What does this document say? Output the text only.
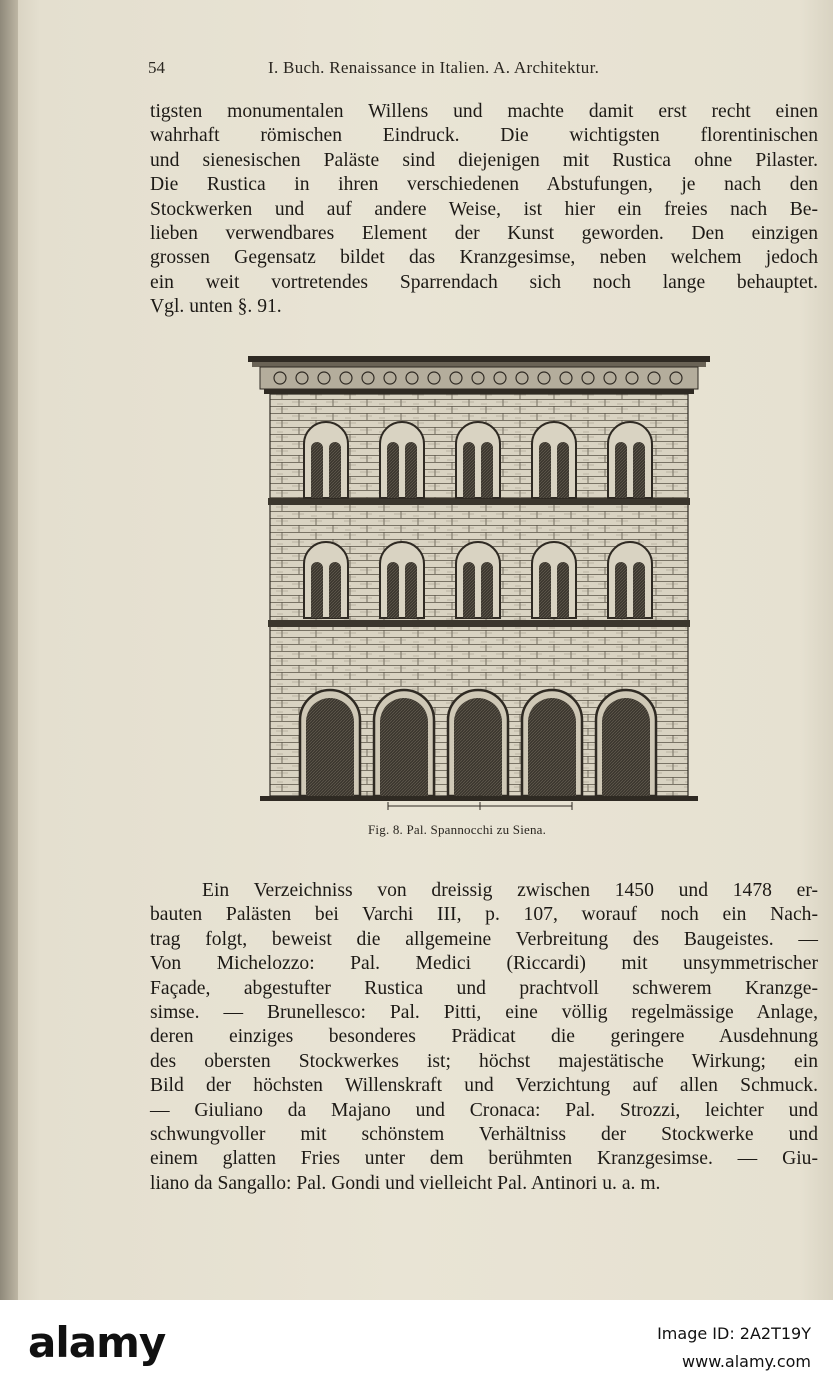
54	I. Buch. Renaissance in Italien. A. Architektur.
tigsten monumentalen Willens und machte damit erst recht einen
wahrhaft römischen Eindruck. Die wichtigsten florentinischen
und sienesischen Paläste sind diejenigen mit Rustica ohne Pilaster.
Die Rustica in ihren verschiedenen Abstufungen, je nach den
Stockwerken und auf andere Weise, ist hier ein freies nach Be-
lieben verwendbares Element der Kunst geworden. Den einzigen
grossen Gegensatz bildet das Kranzgesimse, neben welchem jedoch
ein weit vortretendes Sparrendach sich noch lange behauptet.
Vgl. unten §. 91.
0	5	10 M
Fig. 8. Pal. Spannocchi zu Siena.
Ein Verzeichniss von dreissig zwischen 1450 und 1478 er-
bauten Palästen bei Varchi III, p. 107, worauf noch ein Nach-
trag folgt, beweist die allgemeine Verbreitung des Baugeistes. —
Von Michelozzo: Pal. Medici (Riccardi) mit unsymmetrischer
Façade, abgestufter Rustica und prachtvoll schwerem Kranzge-
simse. — Brunellesco: Pal. Pitti, eine völlig regelmässige Anlage,
deren einziges besonderes Prädicat die geringere Ausdehnung
des obersten Stockwerkes ist; höchst majestätische Wirkung; ein
Bild der höchsten Willenskraft und Verzichtung auf allen Schmuck.
— Giuliano da Majano und Cronaca: Pal. Strozzi, leichter und
schwungvoller mit schönstem Verhältniss der Stockwerke und
einem glatten Fries unter dem berühmten Kranzgesimse. — Giu-
liano da Sangallo: Pal. Gondi und vielleicht Pal. Antinori u. a. m.
alamy	Image ID: 2A2T19Y
www.alamy.com
